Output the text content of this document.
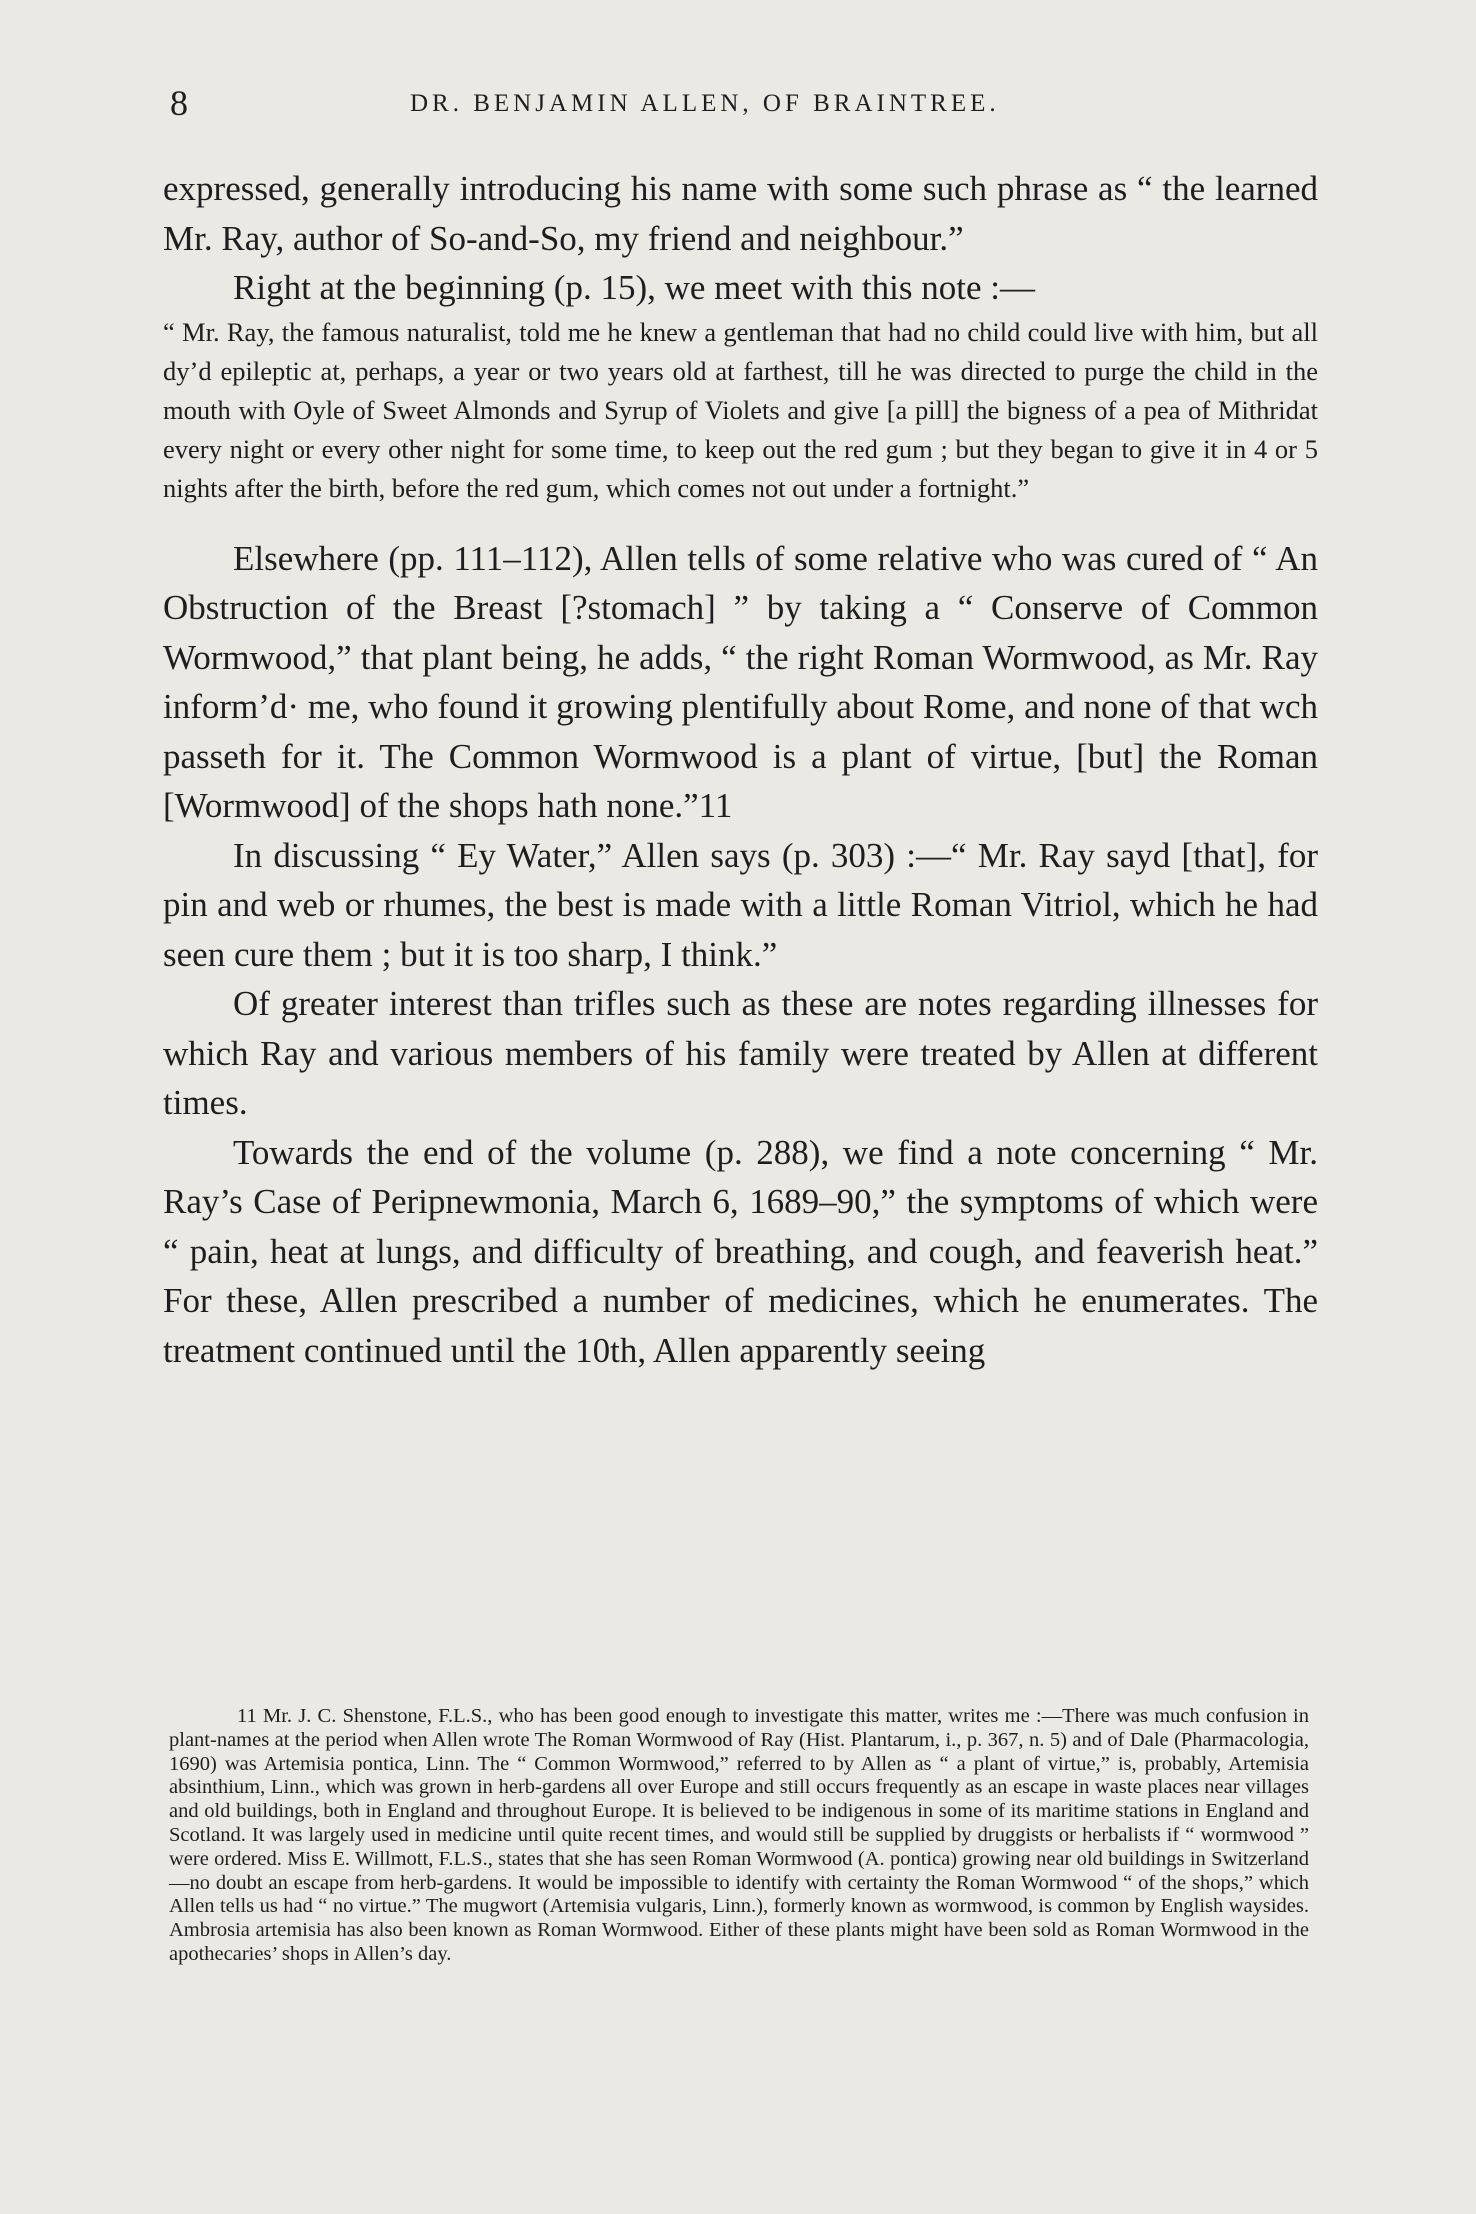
8	DR. BENJAMIN ALLEN, OF BRAINTREE.

expressed, generally introducing his name with some such phrase as “ the learned Mr. Ray, author of So-and-So, my friend and neighbour.”

Right at the beginning (p. 15), we meet with this note :—

“ Mr. Ray, the famous naturalist, told me he knew a gentleman that had no child could live with him, but all dy’d epileptic at, perhaps, a year or two years old at farthest, till he was directed to purge the child in the mouth with Oyle of Sweet Almonds and Syrup of Violets and give [a pill] the bigness of a pea of Mithridat every night or every other night for some time, to keep out the red gum ; but they began to give it in 4 or 5 nights after the birth, before the red gum, which comes not out under a fortnight.”

Elsewhere (pp. 111–112), Allen tells of some relative who was cured of “ An Obstruction of the Breast [?stomach] ” by taking a “ Conserve of Common Wormwood,” that plant being, he adds, “ the right Roman Wormwood, as Mr. Ray inform’d· me, who found it growing plentifully about Rome, and none of that wch passeth for it. The Common Wormwood is a plant of virtue, [but] the Roman [Wormwood] of the shops hath none.”11

In discussing “ Ey Water,” Allen says (p. 303) :—“ Mr. Ray sayd [that], for pin and web or rhumes, the best is made with a little Roman Vitriol, which he had seen cure them ; but it is too sharp, I think.”

Of greater interest than trifles such as these are notes regarding illnesses for which Ray and various members of his family were treated by Allen at different times.

Towards the end of the volume (p. 288), we find a note concerning “ Mr. Ray’s Case of Peripnewmonia, March 6, 1689–90,” the symptoms of which were “ pain, heat at lungs, and difficulty of breathing, and cough, and feaverish heat.” For these, Allen prescribed a number of medicines, which he enumerates. The treatment continued until the 10th, Allen apparently seeing

11 Mr. J. C. Shenstone, F.L.S., who has been good enough to investigate this matter, writes me :—There was much confusion in plant-names at the period when Allen wrote The Roman Wormwood of Ray (Hist. Plantarum, i., p. 367, n. 5) and of Dale (Pharmacologia, 1690) was Artemisia pontica, Linn. The “ Common Wormwood,” referred to by Allen as “ a plant of virtue,” is, probably, Artemisia absinthium, Linn., which was grown in herb-gardens all over Europe and still occurs frequently as an escape in waste places near villages and old buildings, both in England and throughout Europe. It is believed to be indigenous in some of its maritime stations in England and Scotland. It was largely used in medicine until quite recent times, and would still be supplied by druggists or herbalists if “ wormwood ” were ordered. Miss E. Willmott, F.L.S., states that she has seen Roman Wormwood (A. pontica) growing near old buildings in Switzerland—no doubt an escape from herb-gardens. It would be impossible to identify with certainty the Roman Wormwood “ of the shops,” which Allen tells us had “ no virtue.” The mugwort (Artemisia vulgaris, Linn.), formerly known as wormwood, is common by English waysides. Ambrosia artemisia has also been known as Roman Wormwood. Either of these plants might have been sold as Roman Wormwood in the apothecaries’ shops in Allen’s day.
